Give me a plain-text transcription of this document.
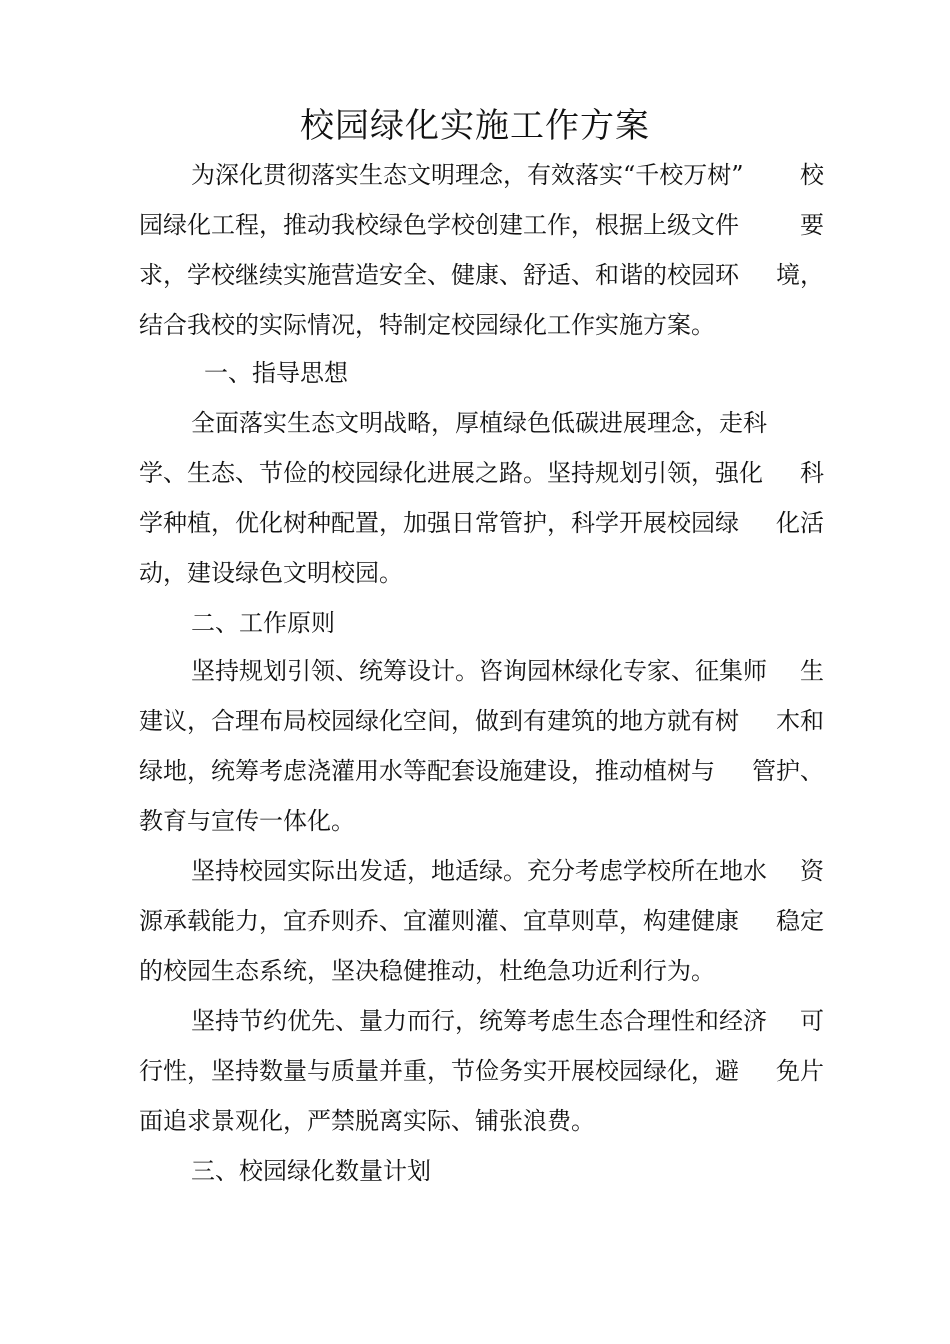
校园绿化实施工作方案
为深化贯彻落实生态文明理念，有效落实“千校万树” 校
园绿化工程，推动我校绿色学校创建工作，根据上级文件	要
求，学校继续实施营造安全、健康、舒适、和谐的校园环 境，
结合我校的实际情况，特制定校园绿化工作实施方案。
一、指导思想
全面落实生态文明战略，厚植绿色低碳进展理念，走科
学、生态、节俭的校园绿化进展之路。坚持规划引领，强化 科
学种植，优化树种配置，加强日常管护，科学开展校园绿 化活
动，建设绿色文明校园。
二、工作原则
坚持规划引领、统筹设计。咨询园林绿化专家、征集师 生
建议，合理布局校园绿化空间，做到有建筑的地方就有树 木和
绿地，统筹考虑浇灌用水等配套设施建设，推动植树与 管护、
教育与宣传一体化。
坚持校园实际出发适，地适绿。充分考虑学校所在地水 资
源承载能力，宜乔则乔、宜灌则灌、宜草则草，构建健康 稳定
的校园生态系统，坚决稳健推动，杜绝急功近利行为。
坚持节约优先、量力而行，统筹考虑生态合理性和经济 可
行性，坚持数量与质量并重，节俭务实开展校园绿化，避 免片
面追求景观化，严禁脱离实际、铺张浪费。
三、校园绿化数量计划
